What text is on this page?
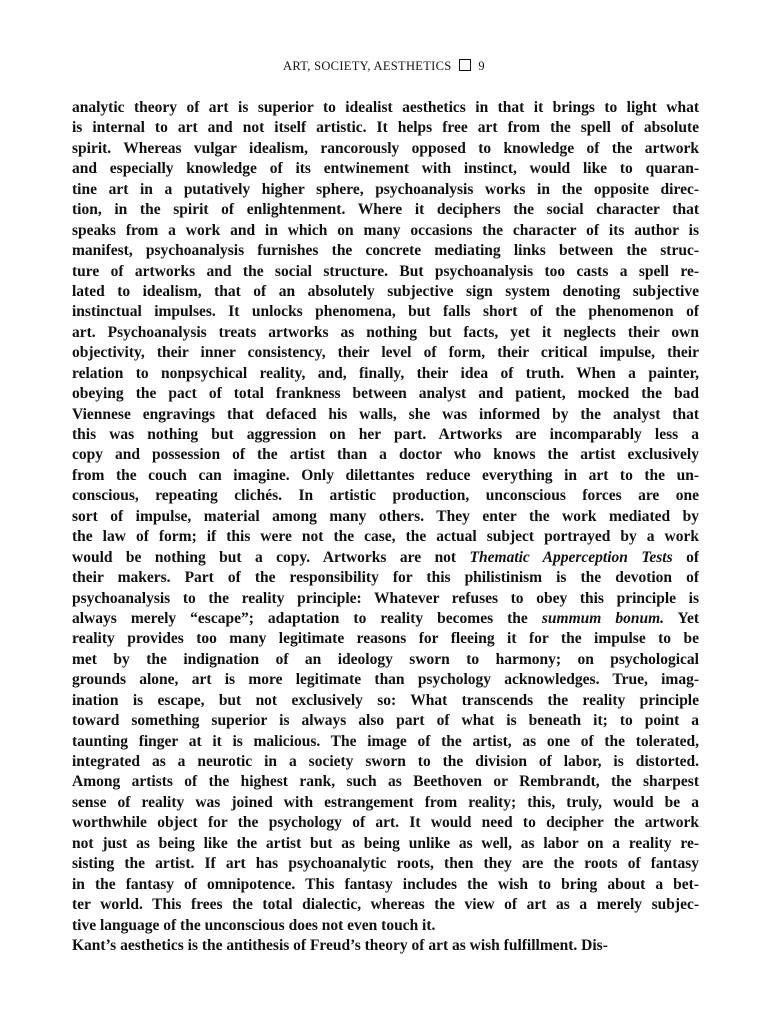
ART, SOCIETY, AESTHETICS 9
analytic theory of art is superior to idealist aesthetics in that it brings to light what
is internal to art and not itself artistic. It helps free art from the spell of absolute
spirit. Whereas vulgar idealism, rancorously opposed to knowledge of the artwork
and especially knowledge of its entwinement with instinct, would like to quaran-
tine art in a putatively higher sphere, psychoanalysis works in the opposite direc-
tion, in the spirit of enlightenment. Where it deciphers the social character that
speaks from a work and in which on many occasions the character of its author is
manifest, psychoanalysis furnishes the concrete mediating links between the struc-
ture of artworks and the social structure. But psychoanalysis too casts a spell re-
lated to idealism, that of an absolutely subjective sign system denoting subjective
instinctual impulses. It unlocks phenomena, but falls short of the phenomenon of
art. Psychoanalysis treats artworks as nothing but facts, yet it neglects their own
objectivity, their inner consistency, their level of form, their critical impulse, their
relation to nonpsychical reality, and, finally, their idea of truth. When a painter,
obeying the pact of total frankness between analyst and patient, mocked the bad
Viennese engravings that defaced his walls, she was informed by the analyst that
this was nothing but aggression on her part. Artworks are incomparably less a
copy and possession of the artist than a doctor who knows the artist exclusively
from the couch can imagine. Only dilettantes reduce everything in art to the un-
conscious, repeating clichés. In artistic production, unconscious forces are one
sort of impulse, material among many others. They enter the work mediated by
the law of form; if this were not the case, the actual subject portrayed by a work
would be nothing but a copy. Artworks are not Thematic Apperception Tests of
their makers. Part of the responsibility for this philistinism is the devotion of
psychoanalysis to the reality principle: Whatever refuses to obey this principle is
always merely “escape”; adaptation to reality becomes the summum bonum. Yet
reality provides too many legitimate reasons for fleeing it for the impulse to be
met by the indignation of an ideology sworn to harmony; on psychological
grounds alone, art is more legitimate than psychology acknowledges. True, imag-
ination is escape, but not exclusively so: What transcends the reality principle
toward something superior is always also part of what is beneath it; to point a
taunting finger at it is malicious. The image of the artist, as one of the tolerated,
integrated as a neurotic in a society sworn to the division of labor, is distorted.
Among artists of the highest rank, such as Beethoven or Rembrandt, the sharpest
sense of reality was joined with estrangement from reality; this, truly, would be a
worthwhile object for the psychology of art. It would need to decipher the artwork
not just as being like the artist but as being unlike as well, as labor on a reality re-
sisting the artist. If art has psychoanalytic roots, then they are the roots of fantasy
in the fantasy of omnipotence. This fantasy includes the wish to bring about a bet-
ter world. This frees the total dialectic, whereas the view of art as a merely subjec-
tive language of the unconscious does not even touch it.
Kant’s aesthetics is the antithesis of Freud’s theory of art as wish fulfillment. Dis-
